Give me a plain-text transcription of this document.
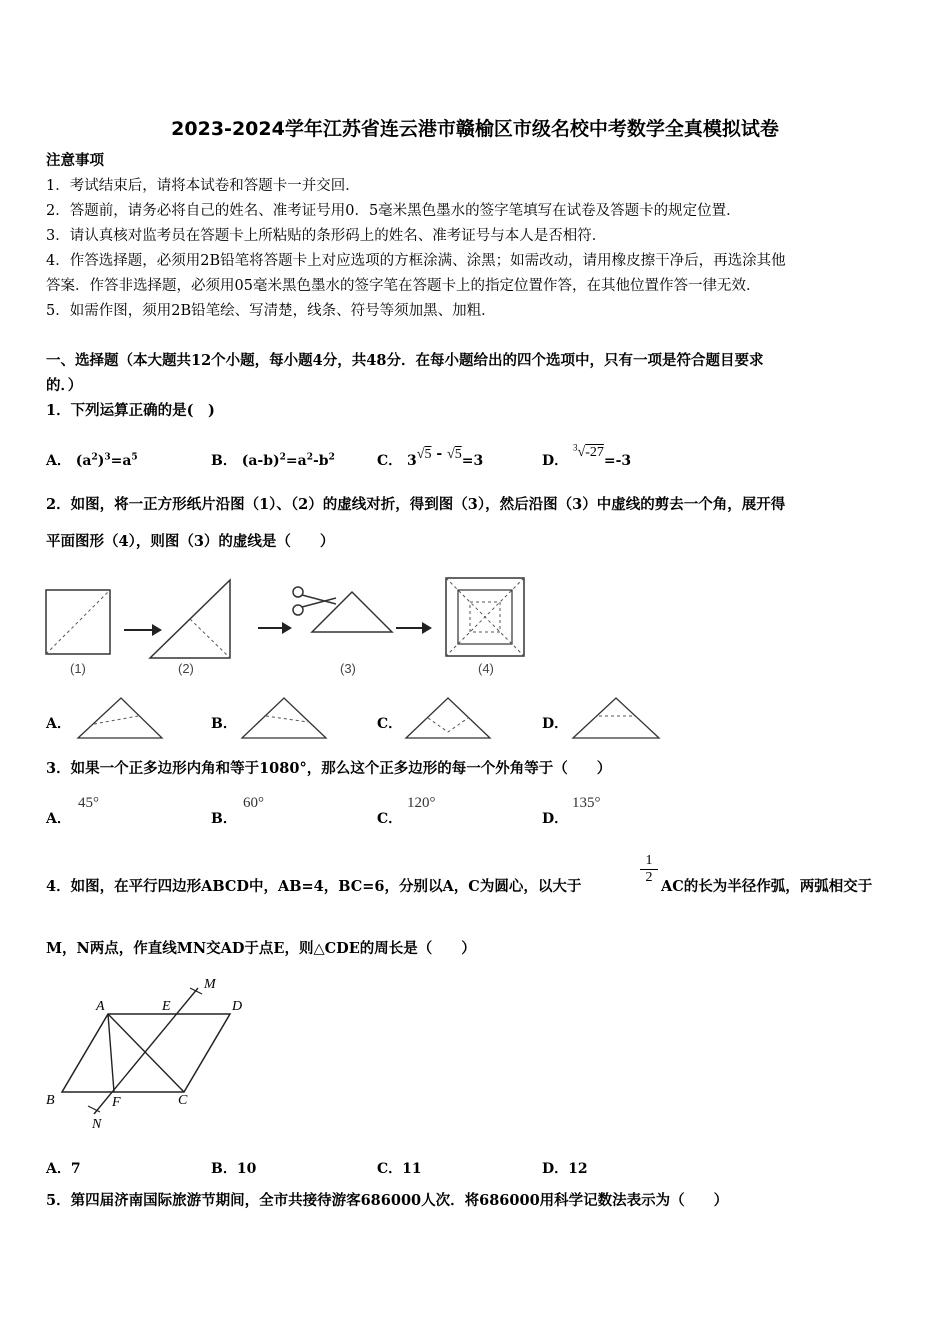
2023-2024学年江苏省连云港市赣榆区市级名校中考数学全真模拟试卷
注意事项
1．考试结束后，请将本试卷和答题卡一并交回．
2．答题前，请务必将自己的姓名、准考证号用0．5毫米黑色墨水的签字笔填写在试卷及答题卡的规定位置．
3．请认真核对监考员在答题卡上所粘贴的条形码上的姓名、准考证号与本人是否相符．
4．作答选择题，必须用2B铅笔将答题卡上对应选项的方框涂满、涂黑；如需改动，请用橡皮擦干净后，再选涂其他
答案．作答非选择题，必须用05毫米黑色墨水的签字笔在答题卡上的指定位置作答，在其他位置作答一律无效．
5．如需作图，须用2B铅笔绘、写清楚，线条、符号等须加黑、加粗．
一、选择题（本大题共12个小题，每小题4分，共48分．在每小题给出的四个选项中，只有一项是符合题目要求
的．）
1．下列运算正确的是(　)
A． $(a^2)^3=a^5$	B． $(a-b)^2=a^2-b^2$	C． 3√5 - √5=3	D． $^3$√-27=-3
2．如图，将一正方形纸片沿图（1）、（2）的虚线对折，得到图（3），然后沿图（3）中虚线的剪去一个角，展开得
平面图形（4），则图（3）的虚线是（　　）
(1)	(2)	(3)	(4)
A．	B．	C．	D．
3．如果一个正多边形内角和等于1080°，那么这个正多边形的每一个外角等于（　　）
A．
45°
B．
60°
C．
120°
D．
135°
4．如图，在平行四边形ABCD中，AB=4，BC=6，分别以A，C为圆心，以大于
1
2
AC的长为半径作弧，两弧相交于
M，N两点，作直线MN交AD于点E，则△CDE的周长是（　　）
A	E	D
M
B	F	C
N
A．7	B．10	C．11	D．12
5．第四届济南国际旅游节期间，全市共接待游客686000人次．将686000用科学记数法表示为（　　）
